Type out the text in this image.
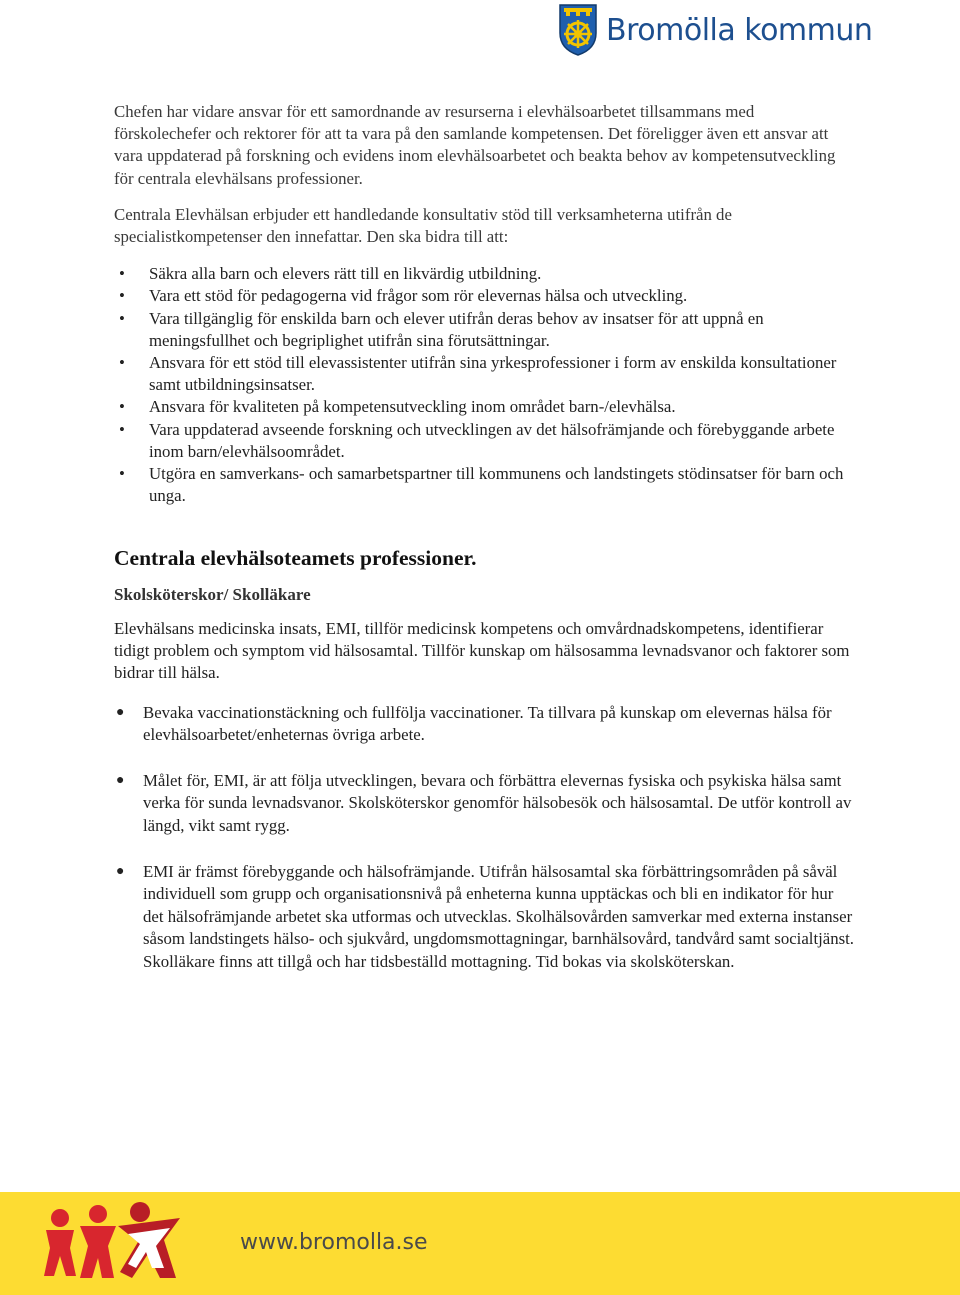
Bromölla kommun

Chefen har vidare ansvar för ett samordnande av resurserna i elevhälsoarbetet tillsammans med förskolechefer och rektorer för att ta vara på den samlande kompetensen. Det föreligger även ett ansvar att vara uppdaterad på forskning och evidens inom elevhälsoarbetet och beakta behov av kompetensutveckling för centrala elevhälsans professioner.

Centrala Elevhälsan erbjuder ett handledande konsultativ stöd till verksamheterna utifrån de specialistkompetenser den innefattar. Den ska bidra till att:

• Säkra alla barn och elevers rätt till en likvärdig utbildning.
• Vara ett stöd för pedagogerna vid frågor som rör elevernas hälsa och utveckling.
• Vara tillgänglig för enskilda barn och elever utifrån deras behov av insatser för att uppnå en meningsfullhet och begriplighet utifrån sina förutsättningar.
• Ansvara för ett stöd till elevassistenter utifrån sina yrkesprofessioner i form av enskilda konsultationer samt utbildningsinsatser.
• Ansvara för kvaliteten på kompetensutveckling inom området barn-/elevhälsa.
• Vara uppdaterad avseende forskning och utvecklingen av det hälsofrämjande och förebyggande arbete inom barn/elevhälsoområdet.
• Utgöra en samverkans- och samarbetspartner till kommunens och landstingets stödinsatser för barn och unga.
Centrala elevhälsoteamets professioner.
Skolsköterskor/ Skolläkare

Elevhälsans medicinska insats, EMI, tillför medicinsk kompetens och omvårdnadskompetens, identifierar tidigt problem och symptom vid hälsosamtal. Tillför kunskap om hälsosamma levnadsvanor och faktorer som bidrar till hälsa.

● Bevaka vaccinationstäckning och fullfölja vaccinationer. Ta tillvara på kunskap om elevernas hälsa för elevhälsoarbetet/enheternas övriga arbete.
● Målet för, EMI, är att följa utvecklingen, bevara och förbättra elevernas fysiska och psykiska hälsa samt verka för sunda levnadsvanor. Skolsköterskor genomför hälsobesök och hälsosamtal. De utför kontroll av längd, vikt samt rygg.
● EMI är främst förebyggande och hälsofrämjande. Utifrån hälsosamtal ska förbättringsområden på såväl individuell som grupp och organisationsnivå på enheterna kunna upptäckas och bli en indikator för hur det hälsofrämjande arbetet ska utformas och utvecklas. Skolhälsovården samverkar med externa instanser såsom landstingets hälso- och sjukvård, ungdomsmottagningar, barnhälsovård, tandvård samt socialtjänst.
Skolläkare finns att tillgå och har tidsbeställd mottagning. Tid bokas via skolsköterskan.
www.bromolla.se
